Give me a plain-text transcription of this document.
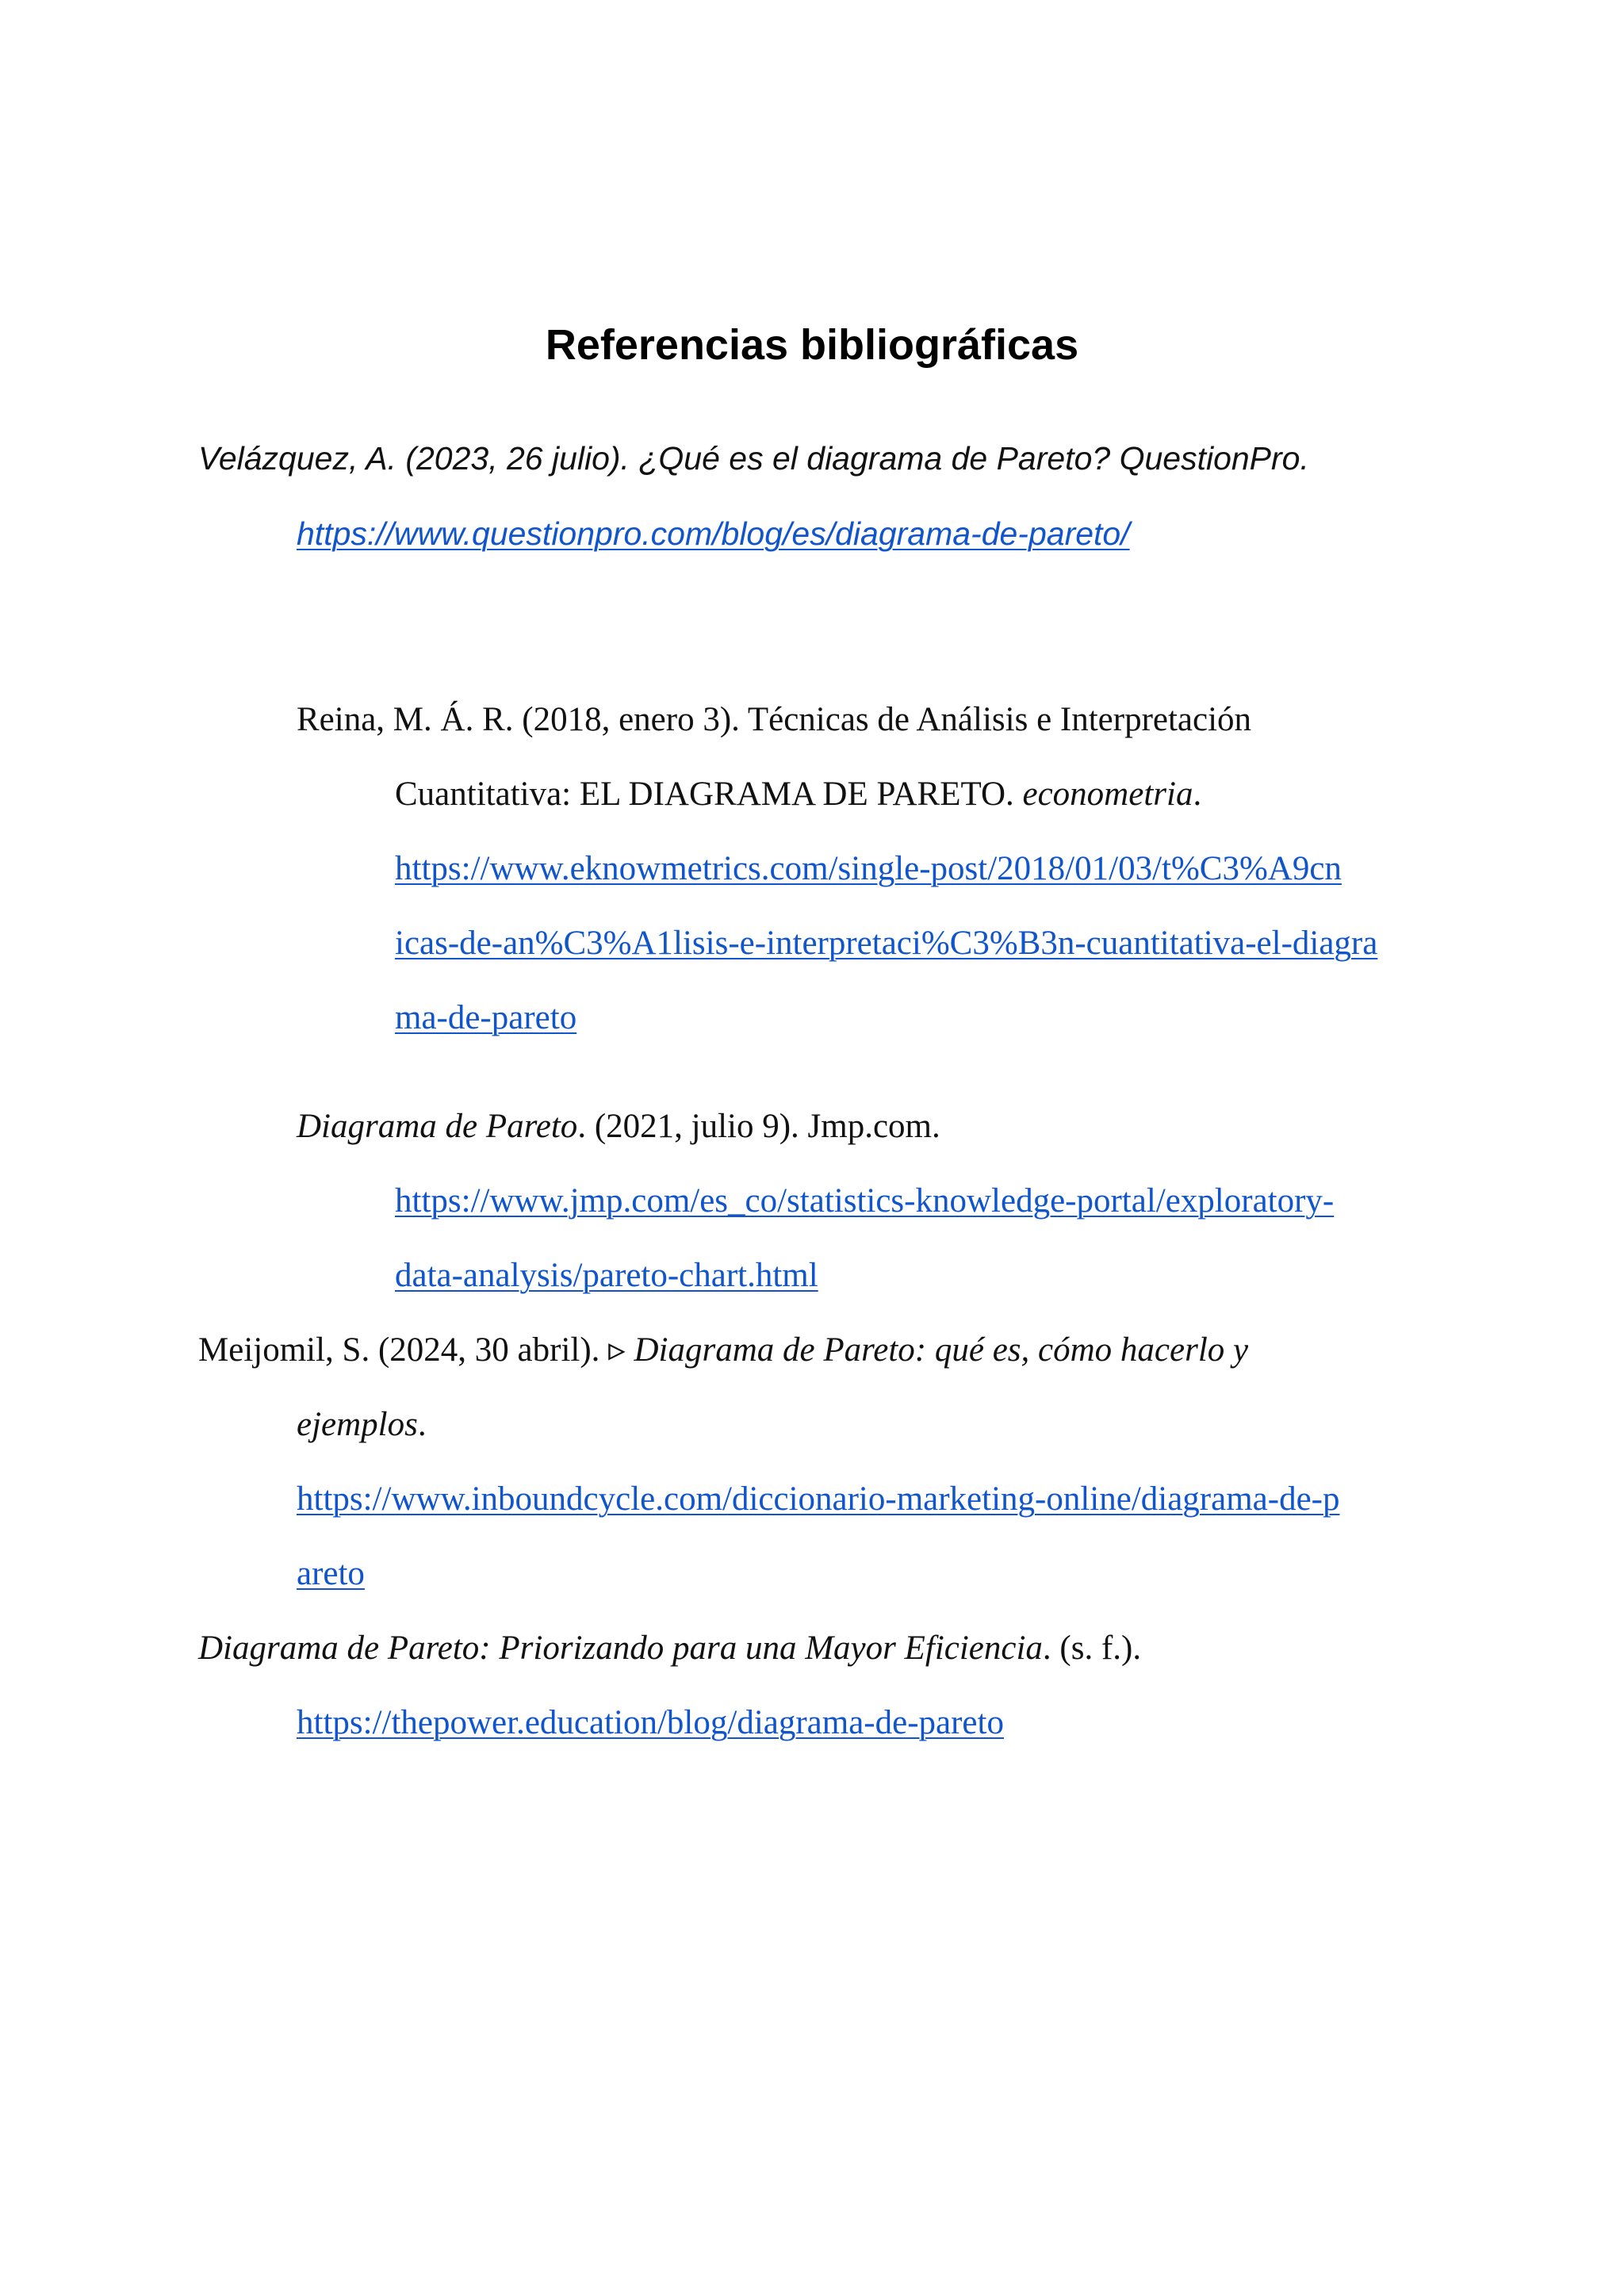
Referencias bibliográficas
Velázquez, A. (2023, 26 julio). ¿Qué es el diagrama de Pareto? QuestionPro.
https://www.questionpro.com/blog/es/diagrama-de-pareto/
Reina, M. Á. R. (2018, enero 3). Técnicas de Análisis e Interpretación
Cuantitativa: EL DIAGRAMA DE PARETO. econometria.
https://www.eknowmetrics.com/single-post/2018/01/03/t%C3%A9cn
icas-de-an%C3%A1lisis-e-interpretaci%C3%B3n-cuantitativa-el-diagra
ma-de-pareto
Diagrama de Pareto. (2021, julio 9). Jmp.com.
https://www.jmp.com/es_co/statistics-knowledge-portal/exploratory-
data-analysis/pareto-chart.html
Meijomil, S. (2024, 30 abril). ▹ Diagrama de Pareto: qué es, cómo hacerlo y
ejemplos.
https://www.inboundcycle.com/diccionario-marketing-online/diagrama-de-p
areto
Diagrama de Pareto: Priorizando para una Mayor Eficiencia. (s. f.).
https://thepower.education/blog/diagrama-de-pareto
